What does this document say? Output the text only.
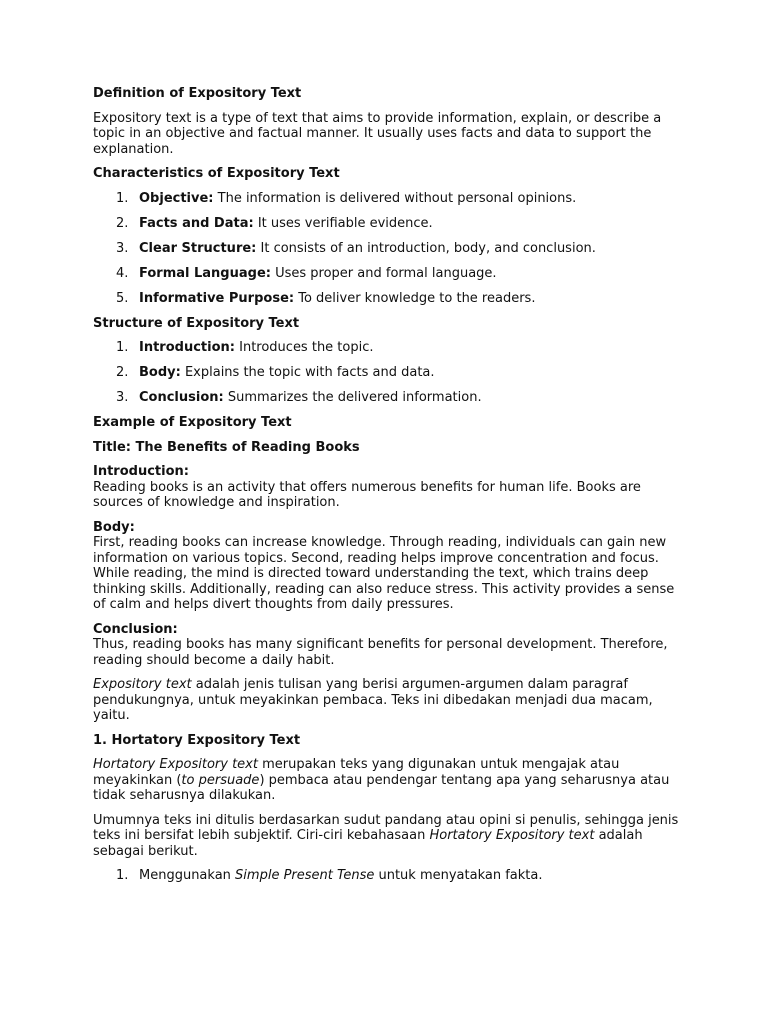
Definition of Expository Text

Expository text is a type of text that aims to provide information, explain, or describe a topic in an objective and factual manner. It usually uses facts and data to support the explanation.

Characteristics of Expository Text
1. Objective: The information is delivered without personal opinions.
2. Facts and Data: It uses verifiable evidence.
3. Clear Structure: It consists of an introduction, body, and conclusion.
4. Formal Language: Uses proper and formal language.
5. Informative Purpose: To deliver knowledge to the readers.
Structure of Expository Text
1. Introduction: Introduces the topic.
2. Body: Explains the topic with facts and data.
3. Conclusion: Summarizes the delivered information.
Example of Expository Text
Title: The Benefits of Reading Books

Introduction:
Reading books is an activity that offers numerous benefits for human life. Books are sources of knowledge and inspiration.

Body:
First, reading books can increase knowledge. Through reading, individuals can gain new information on various topics. Second, reading helps improve concentration and focus. While reading, the mind is directed toward understanding the text, which trains deep thinking skills. Additionally, reading can also reduce stress. This activity provides a sense of calm and helps divert thoughts from daily pressures.

Conclusion:
Thus, reading books has many significant benefits for personal development. Therefore, reading should become a daily habit.

Expository text adalah jenis tulisan yang berisi argumen-argumen dalam paragraf pendukungnya, untuk meyakinkan pembaca. Teks ini dibedakan menjadi dua macam, yaitu.

1. Hortatory Expository Text

Hortatory Expository text merupakan teks yang digunakan untuk mengajak atau meyakinkan (to persuade) pembaca atau pendengar tentang apa yang seharusnya atau tidak seharusnya dilakukan.

Umumnya teks ini ditulis berdasarkan sudut pandang atau opini si penulis, sehingga jenis teks ini bersifat lebih subjektif. Ciri-ciri kebahasaan Hortatory Expository text adalah sebagai berikut.

1. Menggunakan Simple Present Tense untuk menyatakan fakta.
